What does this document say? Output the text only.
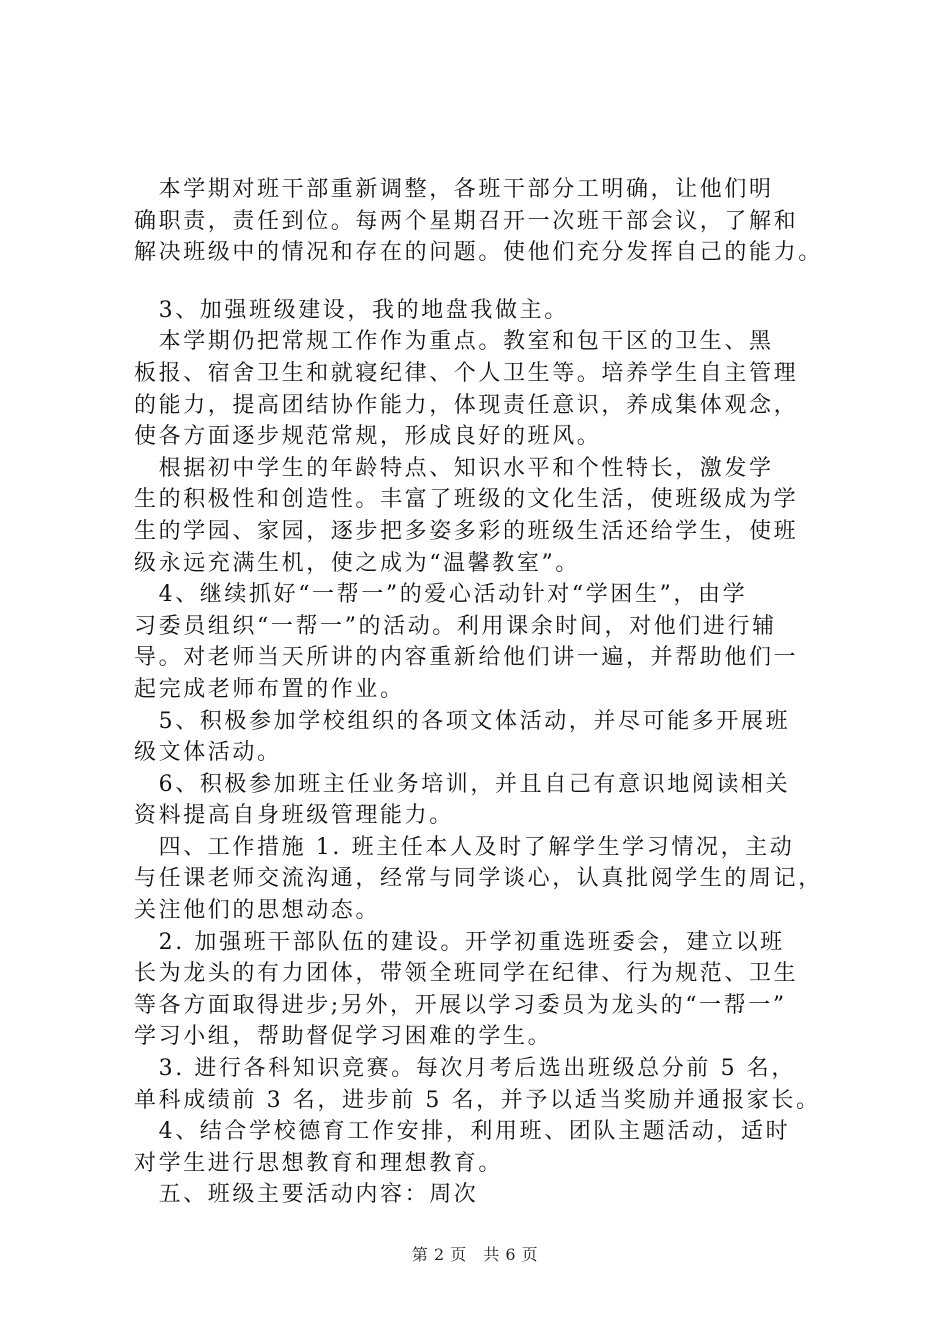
　本学期对班干部重新调整，各班干部分工明确，让他们明
确职责，责任到位。每两个星期召开一次班干部会议，了解和
解决班级中的情况和存在的问题。使他们充分发挥自己的能力。
　3、加强班级建设，我的地盘我做主。
　本学期仍把常规工作作为重点。教室和包干区的卫生、黑
板报、宿舍卫生和就寝纪律、个人卫生等。培养学生自主管理
的能力，提高团结协作能力，体现责任意识，养成集体观念，
使各方面逐步规范常规，形成良好的班风。
　根据初中学生的年龄特点、知识水平和个性特长，激发学
生的积极性和创造性。丰富了班级的文化生活，使班级成为学
生的学园、家园，逐步把多姿多彩的班级生活还给学生，使班
级永远充满生机，使之成为“温馨教室”。
　4、继续抓好“一帮一”的爱心活动针对“学困生”，由学
习委员组织“一帮一”的活动。利用课余时间，对他们进行辅
导。对老师当天所讲的内容重新给他们讲一遍，并帮助他们一
起完成老师布置的作业。
　5、积极参加学校组织的各项文体活动，并尽可能多开展班
级文体活动。
　6、积极参加班主任业务培训，并且自己有意识地阅读相关
资料提高自身班级管理能力。
　四、工作措施 1. 班主任本人及时了解学生学习情况，主动
与任课老师交流沟通，经常与同学谈心，认真批阅学生的周记，
关注他们的思想动态。
　2. 加强班干部队伍的建设。开学初重选班委会，建立以班
长为龙头的有力团体，带领全班同学在纪律、行为规范、卫生
等各方面取得进步;另外，开展以学习委员为龙头的“一帮一”
学习小组，帮助督促学习困难的学生。
　3. 进行各科知识竞赛。每次月考后选出班级总分前 5 名，
单科成绩前 3 名，进步前 5 名，并予以适当奖励并通报家长。
　4、结合学校德育工作安排，利用班、团队主题活动，适时
对学生进行思想教育和理想教育。
　五、班级主要活动内容：周次
第 2 页　共 6 页
